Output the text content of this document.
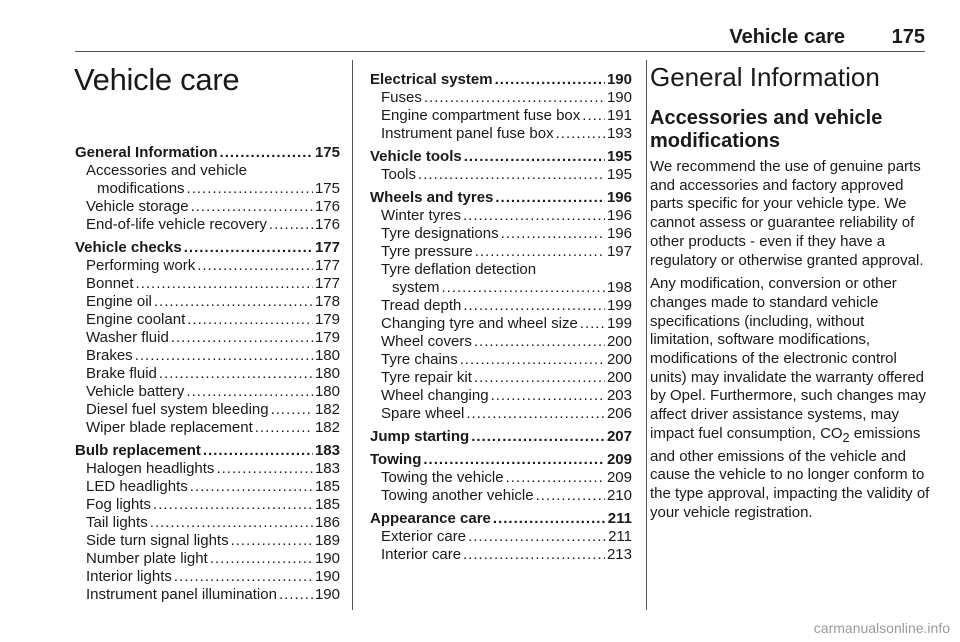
Vehicle care 175
Vehicle care
General Information .....	175
Accessories and vehicle
modifications .....	175
Vehicle storage .....	176
End-of-life vehicle recovery .....	176
Vehicle checks .....	177
Performing work .....	177
Bonnet .....	177
Engine oil .....	178
Engine coolant .....	179
Washer fluid .....	179
Brakes .....	180
Brake fluid .....	180
Vehicle battery .....	180
Diesel fuel system bleeding .....	182
Wiper blade replacement .....	182
Bulb replacement .....	183
Halogen headlights .....	183
LED headlights .....	185
Fog lights .....	185
Tail lights .....	186
Side turn signal lights .....	189
Number plate light .....	190
Interior lights .....	190
Instrument panel illumination .....	190
Electrical system .....	190
Fuses .....	190
Engine compartment fuse box ..... 191
Instrument panel fuse box .....	193
Vehicle tools .....	195
Tools .....	195
Wheels and tyres .....	196
Winter tyres .....	196
Tyre designations .....	196
Tyre pressure .....	197
Tyre deflation detection
system .....	198
Tread depth .....	199
Changing tyre and wheel size ..... 199
Wheel covers .....	200
Tyre chains .....	200
Tyre repair kit .....	200
Wheel changing .....	203
Spare wheel .....	206
Jump starting .....	207
Towing .....	209
Towing the vehicle .....	209
Towing another vehicle .....	210
Appearance care .....	211
Exterior care .....	211
Interior care .....	213
General Information
Accessories and vehicle modifications

We recommend the use of genuine parts and accessories and factory approved parts specific for your vehicle type. We cannot assess or guarantee reliability of other products - even if they have a regulatory or otherwise granted approval.

Any modification, conversion or other changes made to standard vehicle specifications (including, without limitation, software modifications, modifications of the electronic control units) may invalidate the warranty offered by Opel. Furthermore, such changes may affect driver assistance systems, may impact fuel consumption, $CO_2$ emissions and other emissions of the vehicle and cause the vehicle to no longer conform to the type approval, impacting the validity of your vehicle registration.

carmanualsonline.info
